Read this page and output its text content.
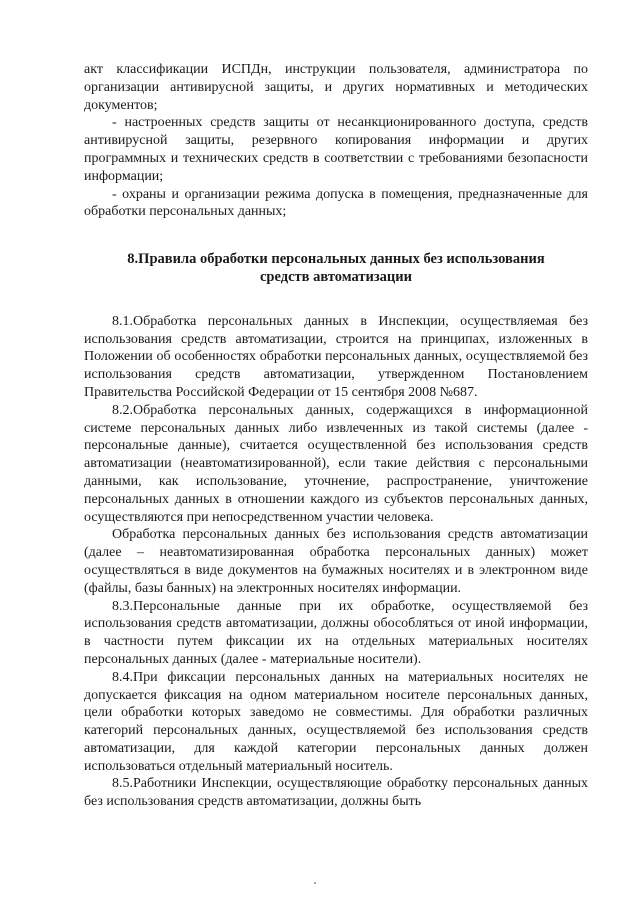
акт классификации ИСПДн, инструкции пользователя, администратора по организации антивирусной защиты, и других нормативных и методических документов;

- настроенных средств защиты от несанкционированного доступа, средств антивирусной защиты, резервного копирования информации и других программных и технических средств в соответствии с требованиями безопасности информации;

- охраны и организации режима допуска в помещения, предназначенные для обработки персональных данных;

8.Правила обработки персональных данных без использования
средств автоматизации

8.1.Обработка персональных данных в Инспекции, осуществляемая без использования средств автоматизации, строится на принципах, изложенных в Положении об особенностях обработки персональных данных, осуществляемой без использования средств автоматизации, утвержденном Постановлением Правительства Российской Федерации от 15 сентября 2008 №687.

8.2.Обработка персональных данных, содержащихся в информационной системе персональных данных либо извлеченных из такой системы (далее - персональные данные), считается осуществленной без использования средств автоматизации (неавтоматизированной), если такие действия с персональными данными, как использование, уточнение, распространение, уничтожение персональных данных в отношении каждого из субъектов персональных данных, осуществляются при непосредственном участии человека.

Обработка персональных данных без использования средств автоматизации (далее – неавтоматизированная обработка персональных данных) может осуществляться в виде документов на бумажных носителях и в электронном виде (файлы, базы банных) на электронных носителях информации.

8.3.Персональные данные при их обработке, осуществляемой без использования средств автоматизации, должны обособляться от иной информации, в частности путем фиксации их на отдельных материальных носителях персональных данных (далее - материальные носители).

8.4.При фиксации персональных данных на материальных носителях не допускается фиксация на одном материальном носителе персональных данных, цели обработки которых заведомо не совместимы. Для обработки различных категорий персональных данных, осуществляемой без использования средств автоматизации, для каждой категории персональных данных должен использоваться отдельный материальный носитель.

8.5.Работники Инспекции, осуществляющие обработку персональных данных без использования средств автоматизации, должны быть
